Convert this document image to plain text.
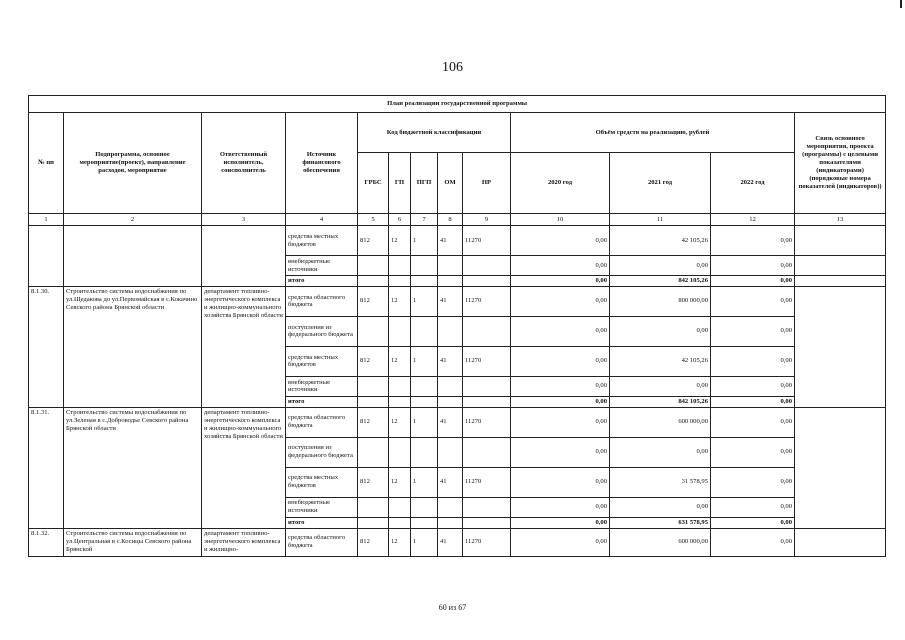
106
План реализации государственной программы												
№ пп	Подпрограмма, основное мероприятие(проект), направление расходов, мероприятие	Ответственный исполнитель, соисполнитель	Источник финансового обеспечения	Код бюджетной классификации					Объём средств на реализацию, рублей			Связь основного мероприятия, проекта (программы) с целевыми показателями (индикаторами) (порядковые номера показателей (индикаторов))
				ГРБС	ГП	ПГП	ОМ	НР	2020 год	2021 год	2022 год	
1	2	3	4	5	6	7	8	9	10	11	12	13
			средства местных бюджетов	812	12	1	41	11270	0,00	42 105,26	0,00	
			внебюджетные источники						0,00	0,00	0,00	
			итого						0,00	842 105,26	0,00	
8.1.30.	Строительство системы водоснабжения по ул.Щедакова до ул.Первомайская в с.Кокачино Севского района Брянской области	департамент топливно-энергетического комплекса и жилищно-коммунального хозяйства Брянской области	средства областного бюджета	812	12	1	41	11270	0,00	800 000,00	0,00	
			поступления из федерального бюджета						0,00	0,00	0,00	
			средства местных бюджетов	812	12	1	41	11270	0,00	42 105,26	0,00	
			внебюджетные источники						0,00	0,00	0,00	
			итого						0,00	842 105,26	0,00	
8.1.31.	Строительство системы водоснабжения по ул.Зеленая в с.Доброводье Севского района Брянской области	департамент топливно-энергетического комплекса и жилищно-коммунального хозяйства Брянской области	средства областного бюджета	812	12	1	41	11270	0,00	600 000,00	0,00	
			поступления из федерального бюджета						0,00	0,00	0,00	
			средства местных бюджетов	812	12	1	41	11270	0,00	31 578,95	0,00	
			внебюджетные источники						0,00	0,00	0,00	
			итого						0,00	631 578,95	0,00	
8.1.32.	Строительство системы водоснабжения по ул.Центральная в с.Косицы Севского района Брянской	департамент топливно-энергетического комплекса и жилищно-	средства областного бюджета	812	12	1	41	11270	0,00	600 000,00	0,00	
60 из 67
